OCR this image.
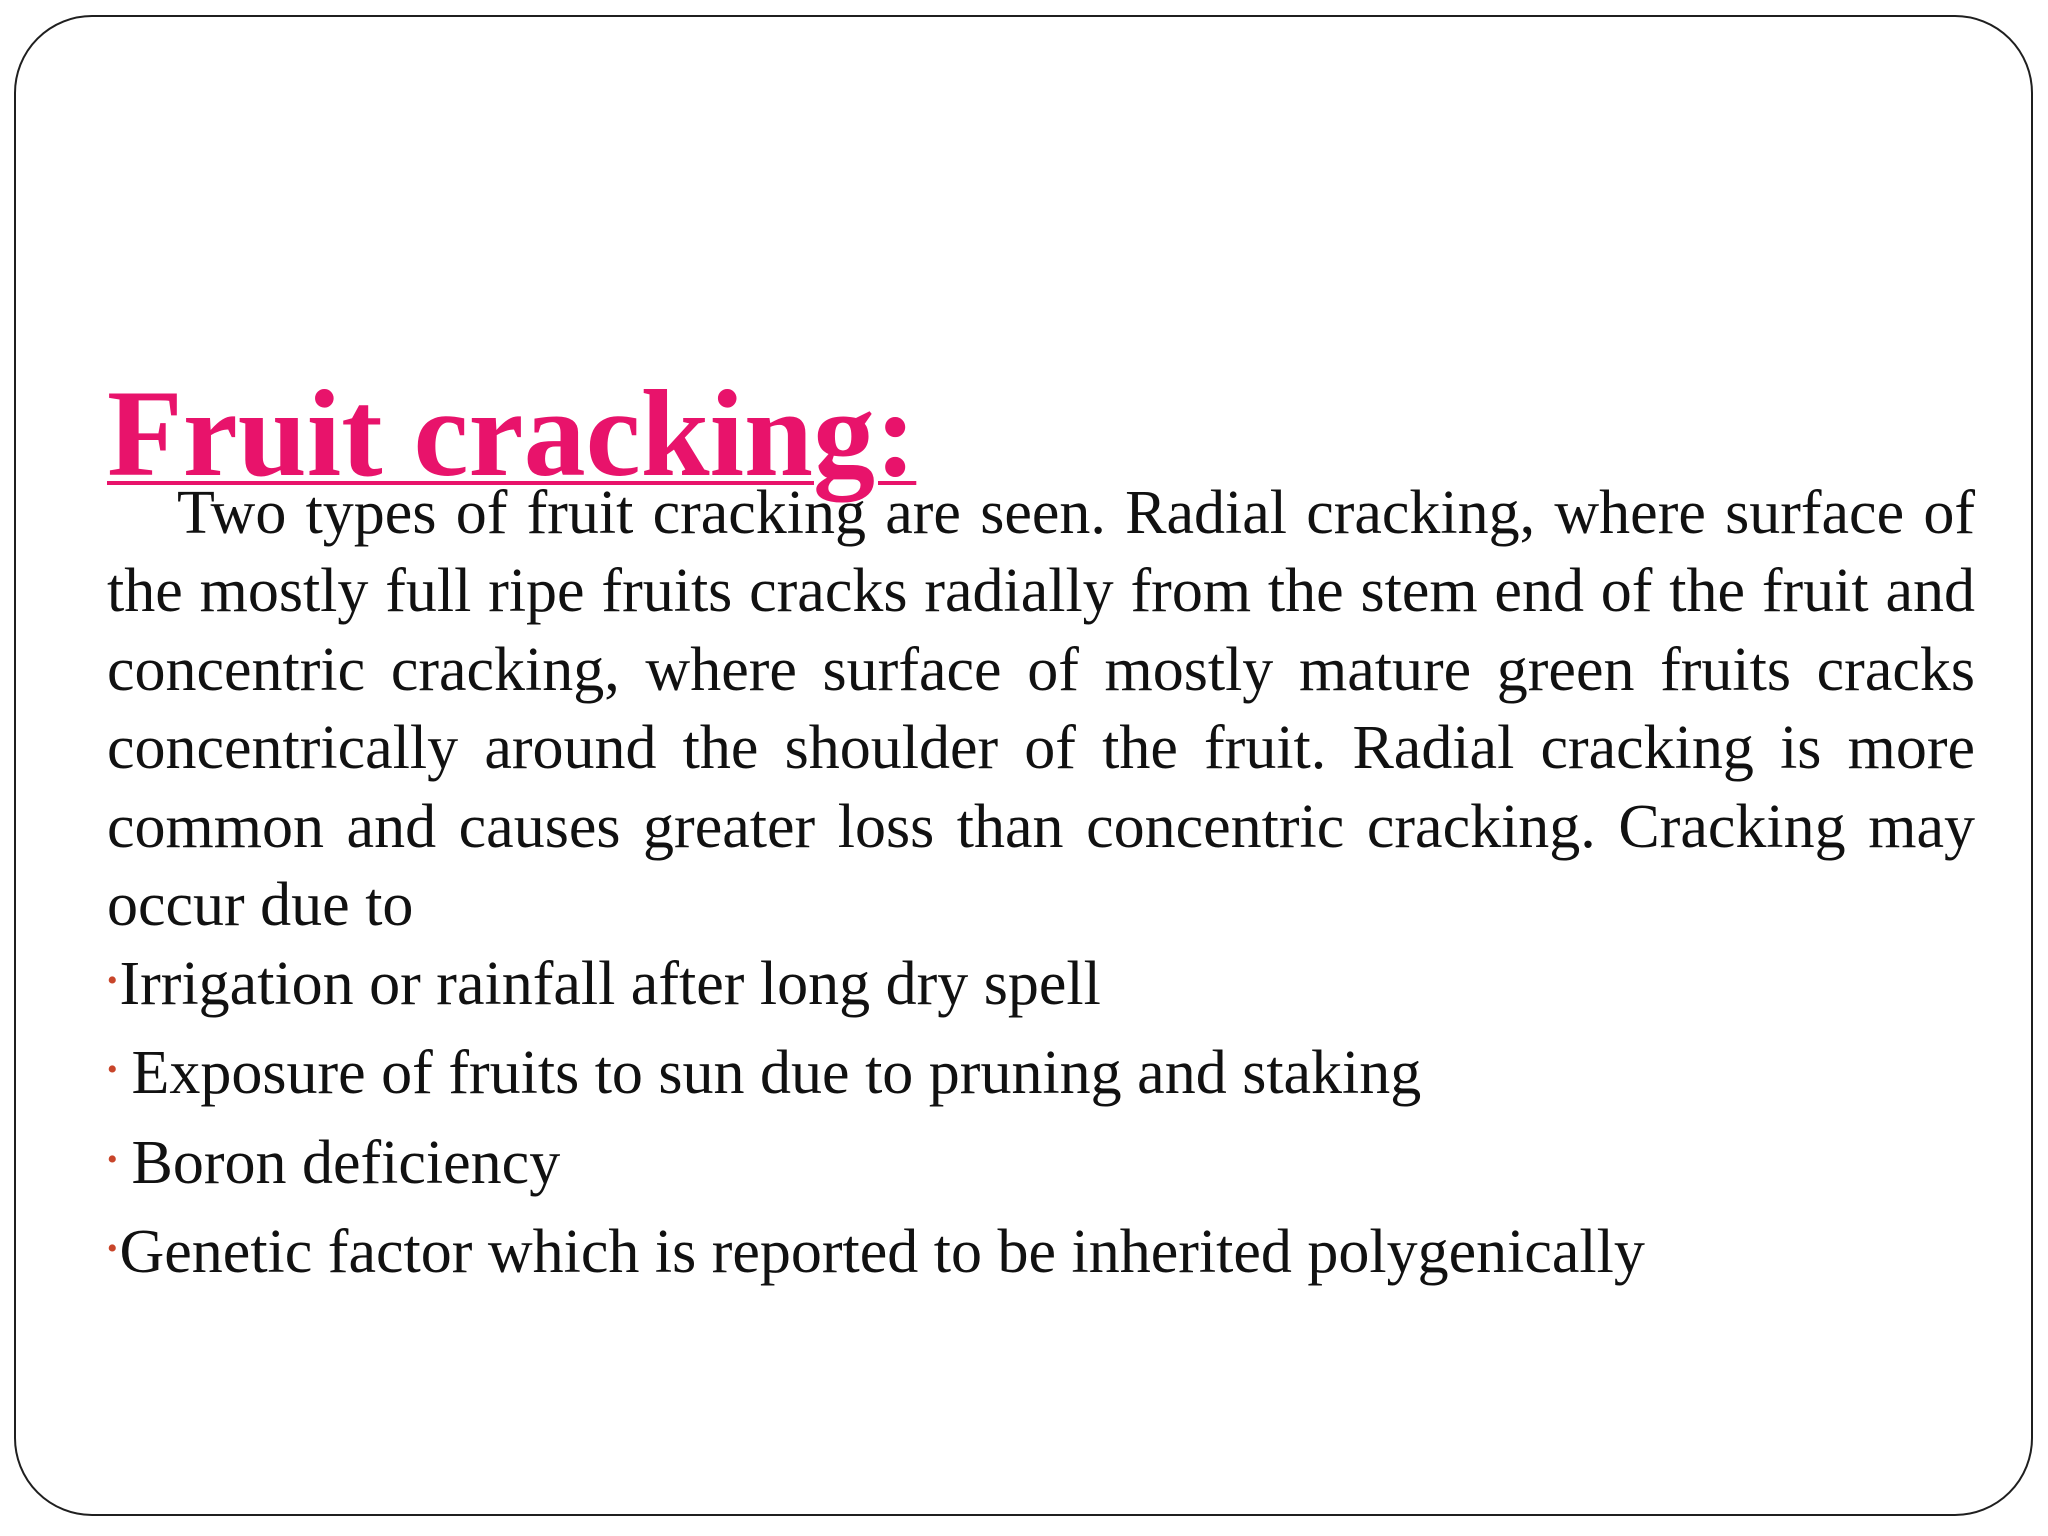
Fruit cracking:

Two types of fruit cracking are seen. Radial cracking, where surface of the mostly full ripe fruits cracks radially from the stem end of the fruit and concentric cracking, where surface of mostly mature green fruits cracks concentrically around the shoulder of the fruit. Radial cracking is more common and causes greater loss than concentric cracking. Cracking may occur due to

•Irrigation or rainfall after long dry spell
• Exposure of fruits to sun due to pruning and staking
• Boron deficiency
•Genetic factor which is reported to be inherited polygenically
